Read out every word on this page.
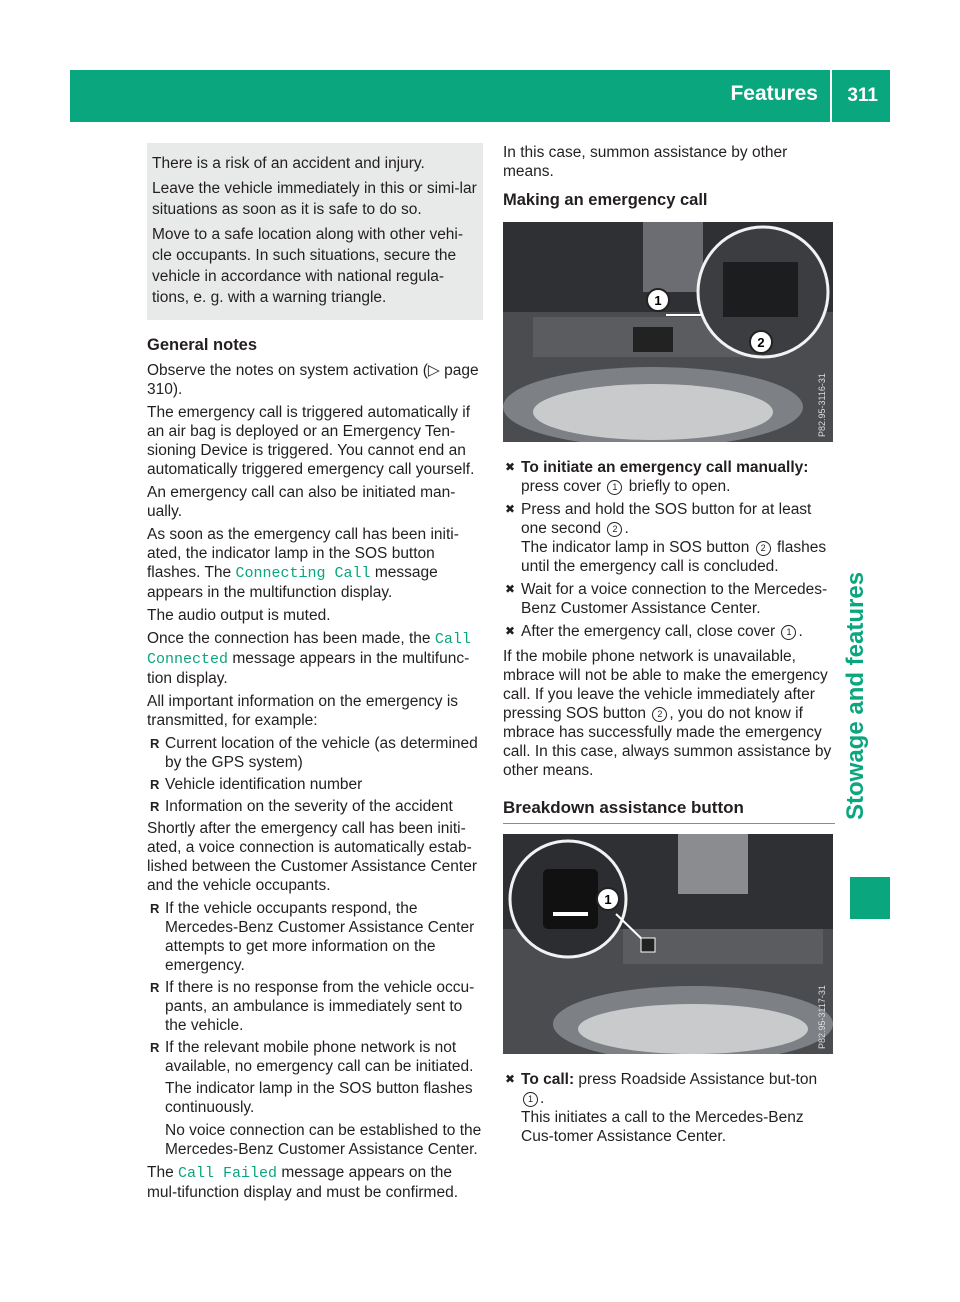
Features 311
Stowage and features

There is a risk of an accident and injury.

Leave the vehicle immediately in this or simi-lar situations as soon as it is safe to do so.

Move to a safe location along with other vehi-cle occupants. In such situations, secure the vehicle in accordance with national regula-tions, e. g. with a warning triangle.

General notes

Observe the notes on system activation (▷ page 310).

The emergency call is triggered automatically if an air bag is deployed or an Emergency Ten-sioning Device is triggered. You cannot end an automatically triggered emergency call yourself.

An emergency call can also be initiated man-ually.

As soon as the emergency call has been initi-ated, the indicator lamp in the SOS button flashes. The Connecting Call message appears in the multifunction display.

The audio output is muted.

Once the connection has been made, the Call Connected message appears in the multifunc-tion display.

All important information on the emergency is transmitted, for example:

R Current location of the vehicle (as determined by the GPS system)
R Vehicle identification number
R Information on the severity of the accident

Shortly after the emergency call has been initi-ated, a voice connection is automatically estab-lished between the Customer Assistance Center and the vehicle occupants.

R If the vehicle occupants respond, the Mercedes-Benz Customer Assistance Center attempts to get more information on the emergency.
R If there is no response from the vehicle occu-pants, an ambulance is immediately sent to the vehicle.
R If the relevant mobile phone network is not available, no emergency call can be initiated.
The indicator lamp in the SOS button flashes continuously.
No voice connection can be established to the Mercedes-Benz Customer Assistance Center.

The Call Failed message appears on the mul-tifunction display and must be confirmed.

In this case, summon assistance by other means.

Making an emergency call
1
2
P82.95-3116-31
✖ To initiate an emergency call manually:
press cover 1 briefly to open.
✖ Press and hold the SOS button for at least one second 2 .
The indicator lamp in SOS button 2 flashes until the emergency call is concluded.
✖ Wait for a voice connection to the Mercedes-Benz Customer Assistance Center.
✖ After the emergency call, close cover 1 .

If the mobile phone network is unavailable, mbrace will not be able to make the emergency call. If you leave the vehicle immediately after pressing SOS button 2 , you do not know if mbrace has successfully made the emergency call. In this case, always summon assistance by other means.

Breakdown assistance button
1
P82.95-3117-31
✖ To call: press Roadside Assistance but-ton 1 .
This initiates a call to the Mercedes-Benz Cus-tomer Assistance Center.
